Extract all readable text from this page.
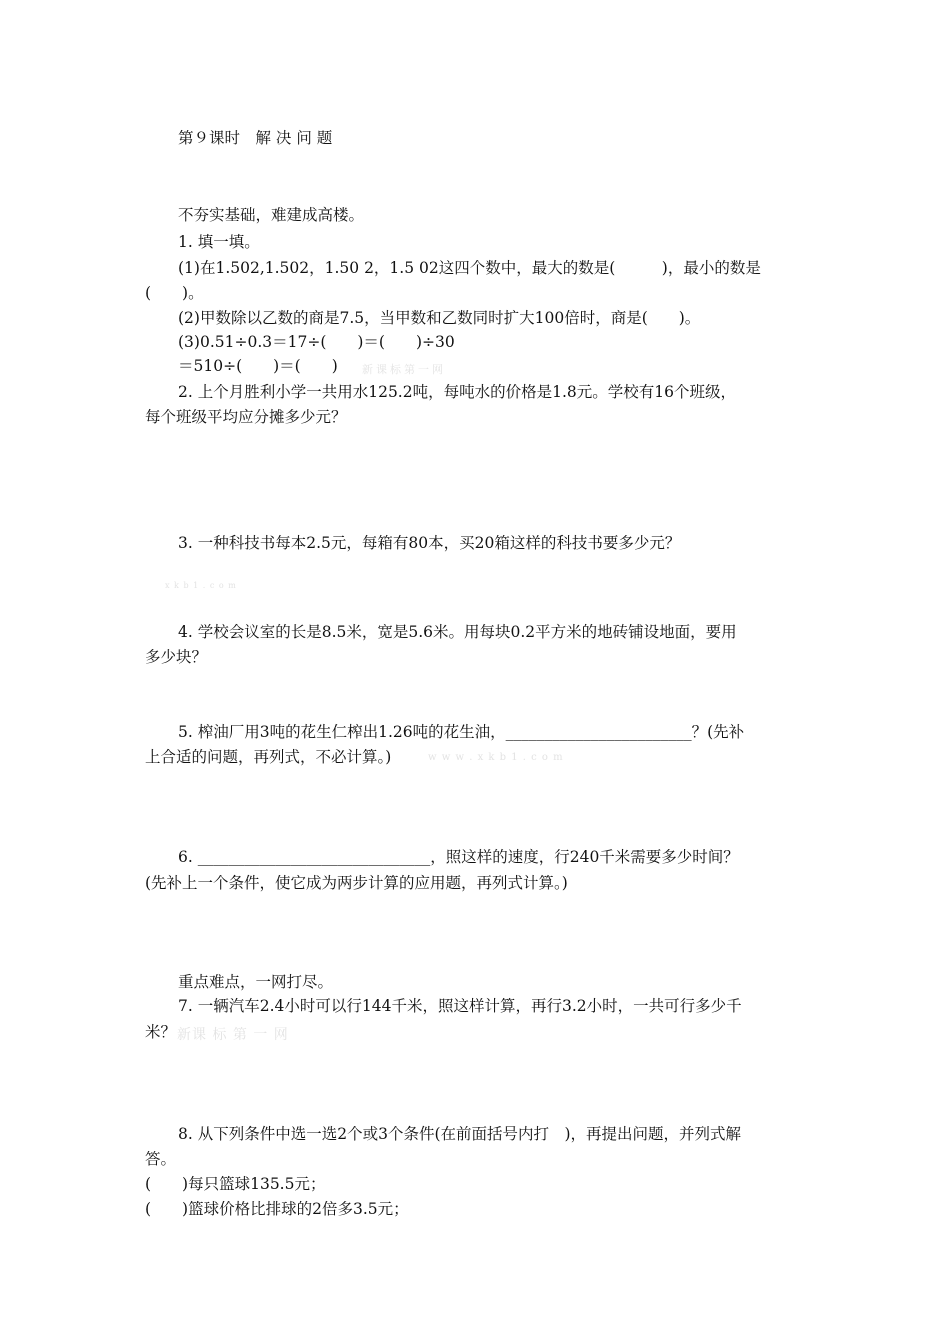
第９课时　解 决 问 题
不夯实基础，难建成高楼。
1. 填一填。
(1)在1.502,1.502，1.50 2，1.5 02这四个数中，最大的数是(　　　)，最小的数是
(　　)。
(2)甲数除以乙数的商是7.5，当甲数和乙数同时扩大100倍时，商是(　　)。
(3)0.51÷0.3＝17÷(　　)＝(　　)÷30
＝510÷(　　)＝(　　) 新课标第一网
2. 上个月胜利小学一共用水125.2吨，每吨水的价格是1.8元。学校有16个班级，
每个班级平均应分摊多少元？
3. 一种科技书每本2.5元，每箱有80本，买20箱这样的科技书要多少元？
x k b 1 . c o m
4. 学校会议室的长是8.5米，宽是5.6米。用每块0.2平方米的地砖铺设地面，要用
多少块？
5. 榨油厂用3吨的花生仁榨出1.26吨的花生油，________________________？(先补
上合适的问题，再列式，不必计算。)	w w w . x k b 1 . c o m
6. ______________________________，照这样的速度，行240千米需要多少时间？
(先补上一个条件，使它成为两步计算的应用题，再列式计算。)
重点难点，一网打尽。
7. 一辆汽车2.4小时可以行144千米，照这样计算，再行3.2小时，一共可行多少千
米？ 新课 标 第 一 网
8. 从下列条件中选一选2个或3个条件(在前面括号内打　)，再提出问题，并列式解
答。
(　　)每只篮球135.5元；
(　　)篮球价格比排球的2倍多3.5元；
